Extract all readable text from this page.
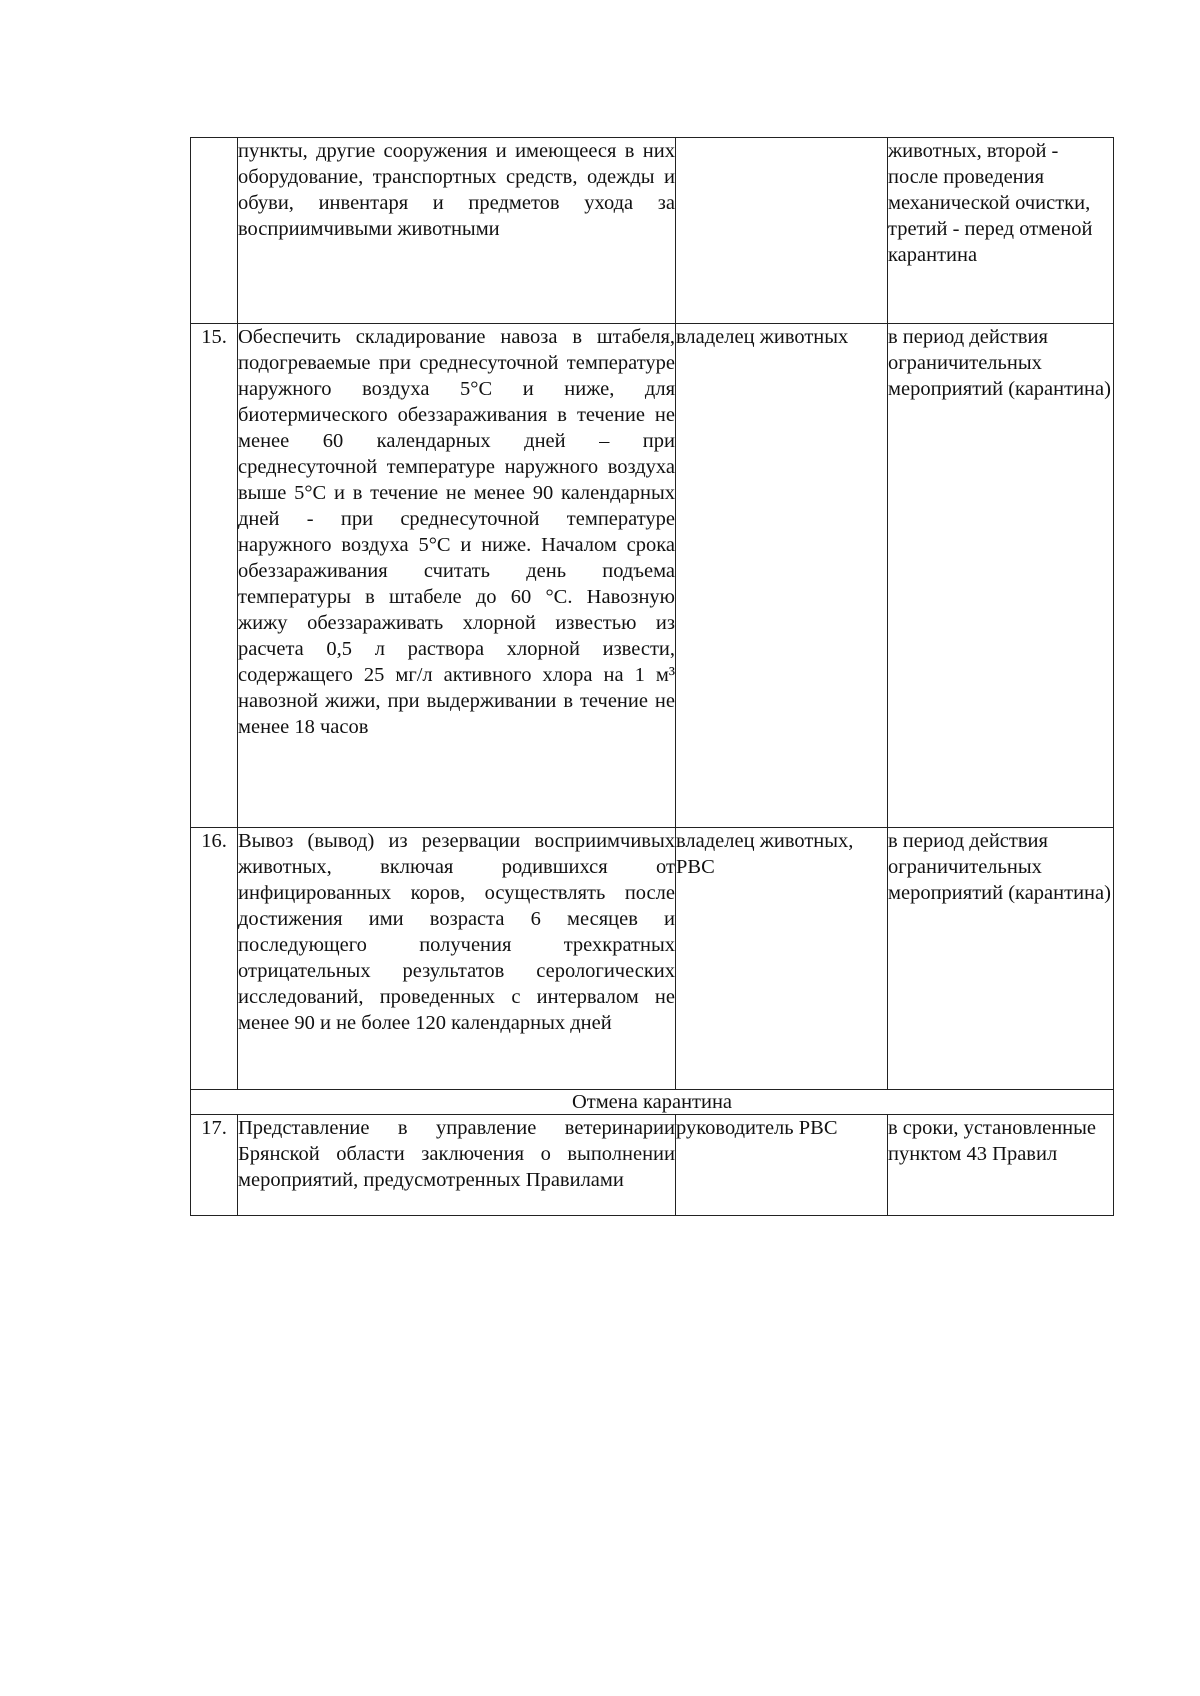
	пункты, другие сооружения и имеющееся в них оборудование, транспортных средств, одежды и обуви, инвентаря и предметов ухода за восприимчивыми животными		животных, второй - после проведения механической очистки, третий - перед отменой карантина
15.	Обеспечить складирование навоза в штабеля, подогреваемые при среднесуточной температуре наружного воздуха 5°С и ниже, для биотермического обеззараживания в течение не менее 60 календарных дней – при среднесуточной температуре наружного воздуха выше 5°С и в течение не менее 90 календарных дней - при среднесуточной температуре наружного воздуха 5°С и ниже. Началом срока обеззараживания считать день подъема температуры в штабеле до 60 °С. Навозную жижу обеззараживать хлорной известью из расчета 0,5 л раствора хлорной извести, содержащего 25 мг/л активного хлора на 1 м³ навозной жижи, при выдерживании в течение не менее 18 часов	владелец животных	в период действия ограничительных мероприятий (карантина)
16.	Вывоз (вывод) из резервации восприимчивых животных, включая родившихся от инфицированных коров, осуществлять после достижения ими возраста 6 месяцев и последующего получения трехкратных отрицательных результатов серологических исследований, проведенных с интервалом не менее 90 и не более 120 календарных дней	владелец животных, РВС	в период действия ограничительных мероприятий (карантина)
Отмена карантина			
17.	Представление в управление ветеринарии Брянской области заключения о выполнении мероприятий, предусмотренных Правилами	руководитель РВС	в сроки, установленные пунктом 43 Правил
